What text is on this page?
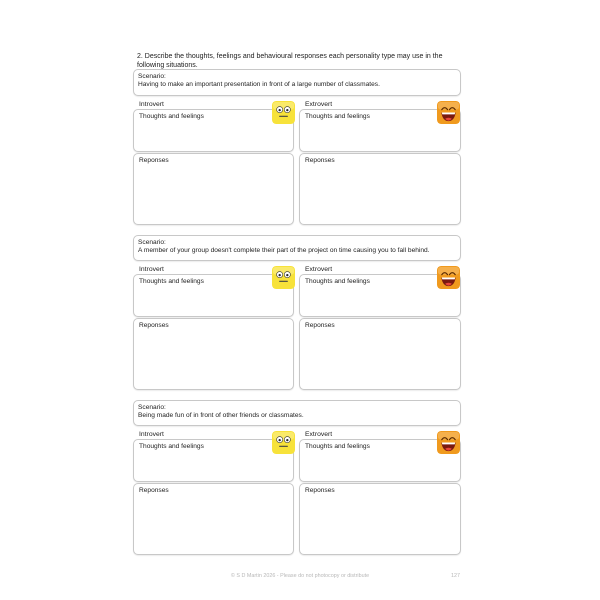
2. Describe the thoughts, feelings and behavioural responses each personality type may use in the following situations.
Scenario:
Having to make an important presentation in front of a large number of classmates.
Introvert
Thoughts and feelings
Extrovert
Thoughts and feelings
Reponses	Reponses
Scenario:
A member of your group doesn't complete their part of the project on time causing you to fall behind.
Introvert
Thoughts and feelings
Extrovert
Thoughts and feelings
Reponses	Reponses
Scenario:
Being made fun of in front of other friends or classmates.
Introvert
Thoughts and feelings
Extrovert
Thoughts and feelings
Reponses	Reponses
© S D Martin 2026 - Please do not photocopy or distribute	127
